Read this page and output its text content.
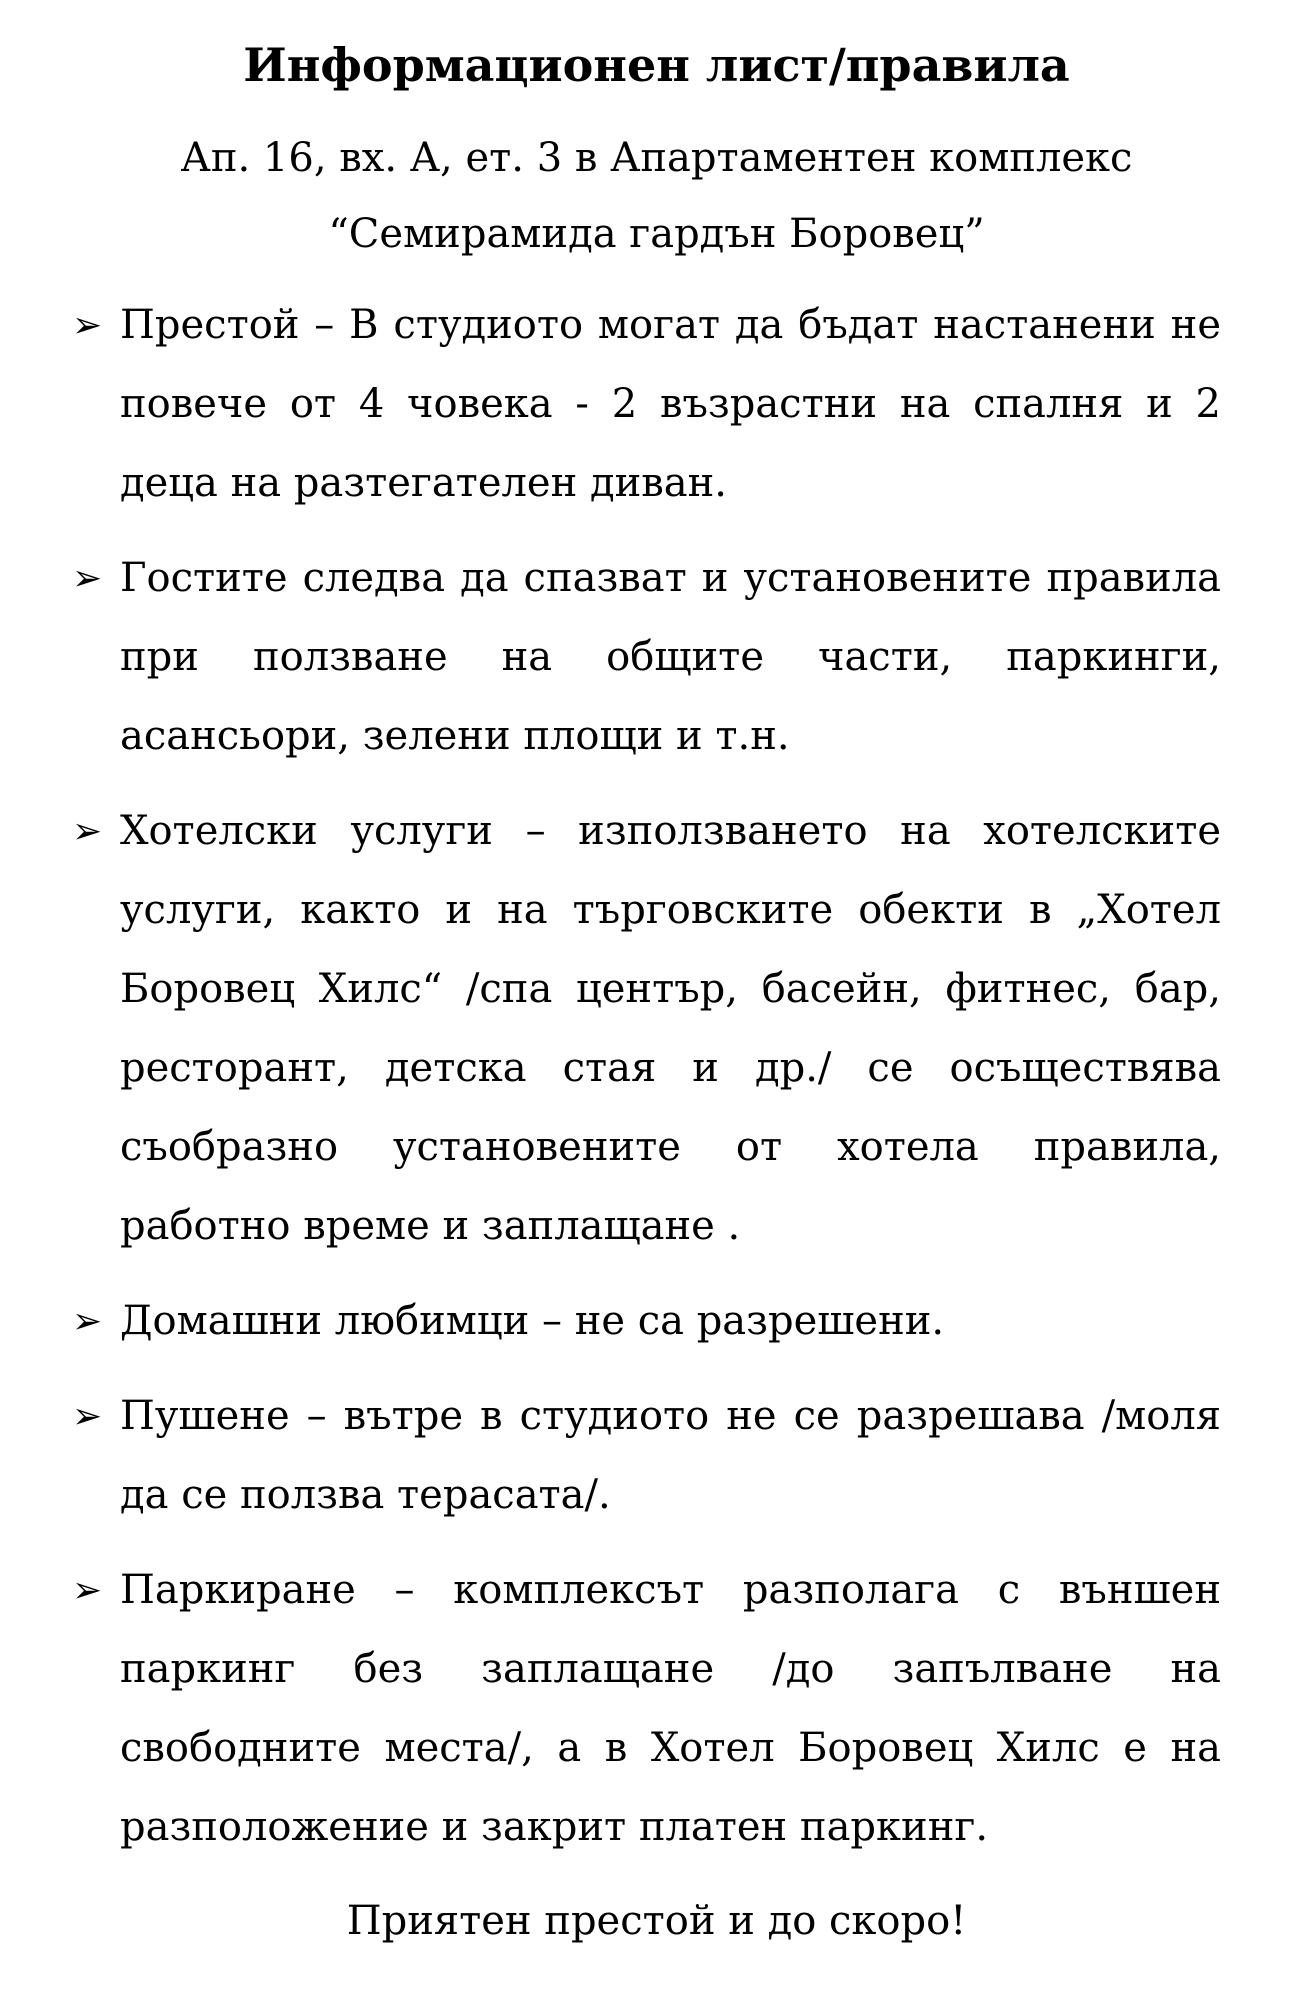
Информационен лист/правила

Ап. 16, вх. А, ет. 3 в Апартаментен комплекс

“Семирамида гардън Боровец”

➢ Престой – В студиото могат да бъдат настанени не повече от 4 човека - 2 възрастни на спалня и 2 деца на разтегателен диван.
➢ Гостите следва да спазват и установените правила при ползване на общите части, паркинги, асансьори, зелени площи и т.н.
➢ Хотелски услуги – използването на хотелските услуги, както и на търговските обекти в „Хотел Боровец Хилс“ /спа център, басейн, фитнес, бар, ресторант, детска стая и др./ се осъществява съобразно установените от хотела правила, работно време и заплащане .
➢ Домашни любимци – не са разрешени.
➢ Пушене – вътре в студиото не се разрешава /моля да се ползва терасата/.
➢ Паркиране – комплексът разполага с външен паркинг без заплащане /до запълване на свободните места/, а в Хотел Боровец Хилс е на разположение и закрит платен паркинг.

Приятен престой и до скоро!
